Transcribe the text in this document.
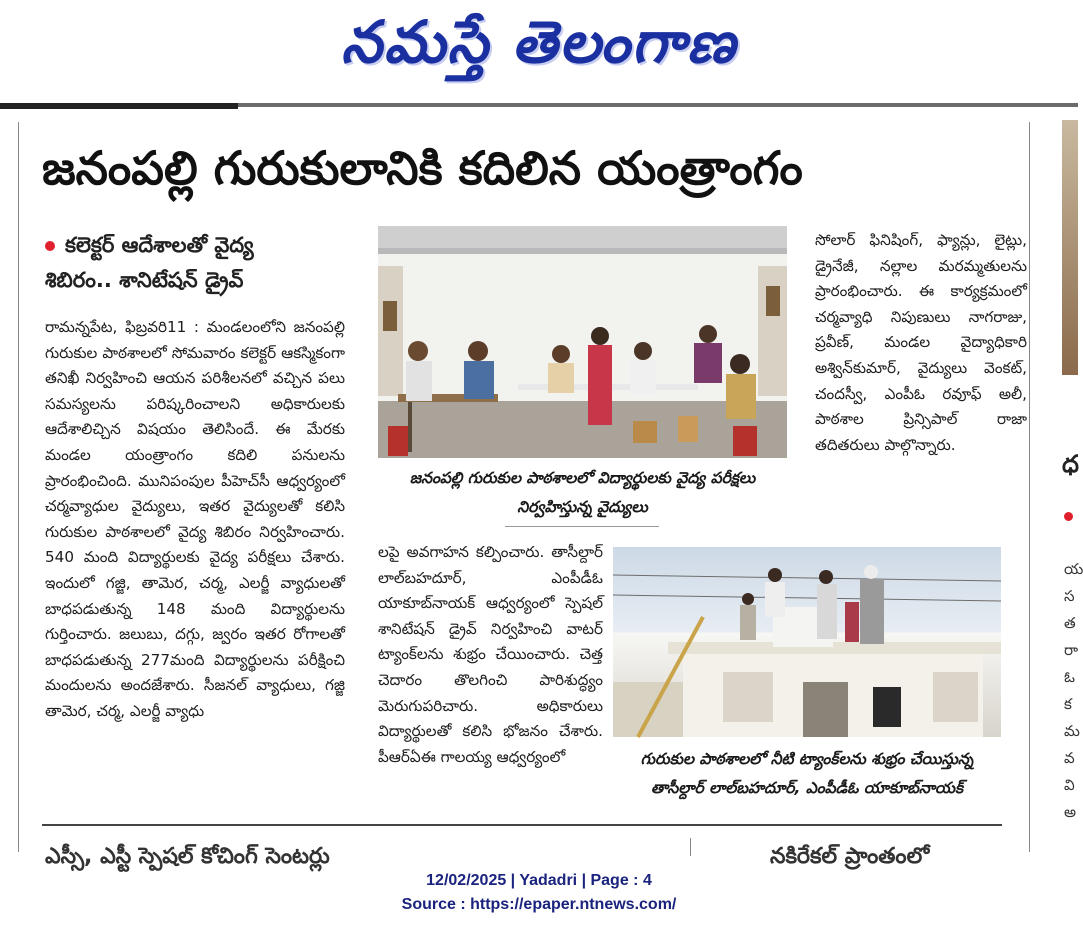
నమస్తే తెలంగాణ
జనంపల్లి గురుకులానికి కదిలిన యంత్రాంగం
కలెక్టర్ ఆదేశాలతో వైద్య
శిబిరం.. శానిటేషన్ డ్రైవ్
రామన్నపేట, ఫిబ్రవరి11 : మండలంలోని జనంపల్లి గురుకుల పాఠశాలలో సోమవారం కలెక్టర్ ఆకస్మికంగా తనిఖీ నిర్వహించి ఆయన పరిశీలనలో వచ్చిన పలు సమస్యలను పరిష్కరించాలని అధికారులకు ఆదేశాలిచ్చిన విషయం తెలిసిందే. ఈ మేరకు మండల యంత్రాంగం కదిలి పనులను ప్రారంభించింది. మునిపంపుల పీహెచ్‌సీ ఆధ్వర్యంలో చర్మవ్యాధుల వైద్యులు, ఇతర వైద్యులతో కలిసి గురుకుల పాఠశాలలో వైద్య శిబిరం నిర్వహించారు. 540 మంది విద్యార్థులకు వైద్య పరీక్షలు చేశారు. ఇందులో గజ్జి, తామెర, చర్మ, ఎలర్జీ వ్యాధులతో బాధపడుతున్న 148 మంది విద్యార్థులను గుర్తించారు. జలుబు, దగ్గు, జ్వరం ఇతర రోగాలతో బాధపడుతున్న 277మంది విద్యార్థులను పరీక్షించి మందులను అందజేశారు. సీజనల్ వ్యాధులు, గజ్జి తామెర, చర్మ, ఎలర్జీ వ్యాధు
లపై అవగాహన కల్పించారు. తాసీల్దార్ లాల్‌బహదూర్, ఎంపీడీఓ యాకూబ్‌నాయక్ ఆధ్వర్యంలో స్పెషల్ శానిటేషన్ డ్రైవ్ నిర్వహించి వాటర్ ట్యాంక్‌లను శుభ్రం చేయించారు. చెత్త చెదారం తొలగించి పారిశుద్ధ్యం మెరుగుపరిచారు. అధికారులు విద్యార్థులతో కలిసి భోజనం చేశారు. పీఆర్ఏఈ గాలయ్య ఆధ్వర్యంలో
సోలార్ ఫినిషింగ్, ఫ్యాన్లు, లైట్లు, డ్రైనేజీ, నల్లాల మరమ్మతులను ప్రారంభించారు. ఈ కార్యక్రమంలో చర్మవ్యాధి నిపుణులు నాగరాజు, ప్రవీణ్, మండల వైద్యాధికారి అశ్విన్‌కుమార్, వైద్యులు వెంకట్, చందస్వీ, ఎంపీఓ రవూఫ్ అలీ, పాఠశాల ప్రిన్సిపాల్ రాజా తదితరులు పాల్గొన్నారు.
జనంపల్లి గురుకుల పాఠశాలలో విద్యార్థులకు వైద్య పరీక్షలు నిర్వహిస్తున్న వైద్యులు
గురుకుల పాఠశాలలో నీటి ట్యాంక్‌లను శుభ్రం చేయిస్తున్న తాసీల్దార్ లాల్‌బహదూర్, ఎంపీడీఓ యాకూబ్‌నాయక్
ధ
య
స
త
రా
ఓ
క
మ
వ
వి
అ
ఎస్సీ, ఎస్టీ స్పెషల్ కోచింగ్ సెంటర్లు	నకిరేకల్ ప్రాంతంలో
12/02/2025 | Yadadri | Page : 4
Source : https://epaper.ntnews.com/
